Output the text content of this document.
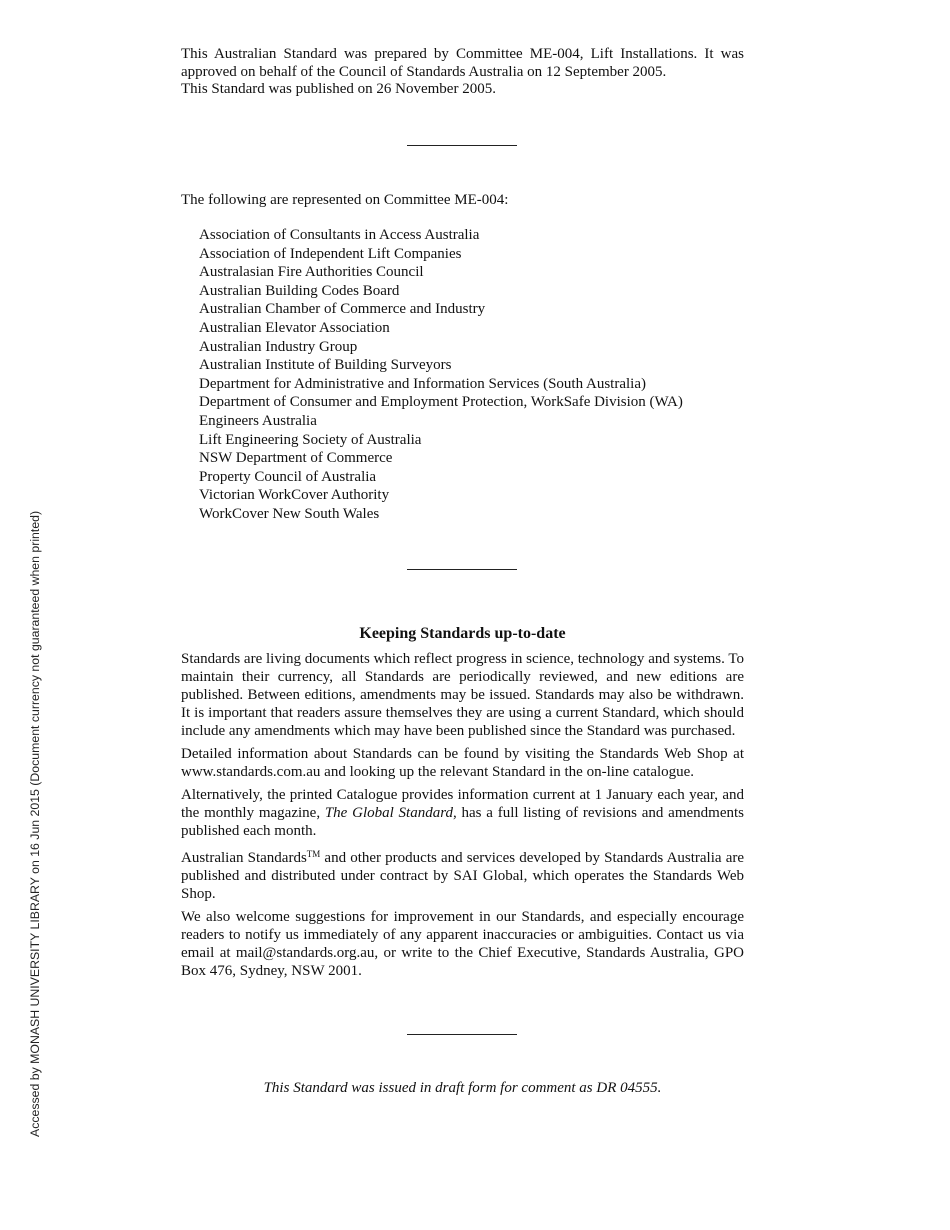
This Australian Standard was prepared by Committee ME-004, Lift Installations. It was approved on behalf of the Council of Standards Australia on 12 September 2005.

This Standard was published on 26 November 2005.

The following are represented on Committee ME-004:

Association of Consultants in Access Australia
Association of Independent Lift Companies
Australasian Fire Authorities Council
Australian Building Codes Board
Australian Chamber of Commerce and Industry
Australian Elevator Association
Australian Industry Group
Australian Institute of Building Surveyors
Department for Administrative and Information Services (South Australia)
Department of Consumer and Employment Protection, WorkSafe Division (WA)
Engineers Australia
Lift Engineering Society of Australia
NSW Department of Commerce
Property Council of Australia
Victorian WorkCover Authority
WorkCover New South Wales
Keeping Standards up-to-date

Standards are living documents which reflect progress in science, technology and systems. To maintain their currency, all Standards are periodically reviewed, and new editions are published. Between editions, amendments may be issued. Standards may also be withdrawn. It is important that readers assure themselves they are using a current Standard, which should include any amendments which may have been published since the Standard was purchased.

Detailed information about Standards can be found by visiting the Standards Web Shop at www.standards.com.au and looking up the relevant Standard in the on-line catalogue.

Alternatively, the printed Catalogue provides information current at 1 January each year, and the monthly magazine, The Global Standard, has a full listing of revisions and amendments published each month.

Australian Standards™ and other products and services developed by Standards Australia are published and distributed under contract by SAI Global, which operates the Standards Web Shop.

We also welcome suggestions for improvement in our Standards, and especially encourage readers to notify us immediately of any apparent inaccuracies or ambiguities. Contact us via email at mail@standards.org.au, or write to the Chief Executive, Standards Australia, GPO Box 476, Sydney, NSW 2001.

This Standard was issued in draft form for comment as DR 04555.

Accessed by MONASH UNIVERSITY LIBRARY on 16 Jun 2015 (Document currency not guaranteed when printed)
